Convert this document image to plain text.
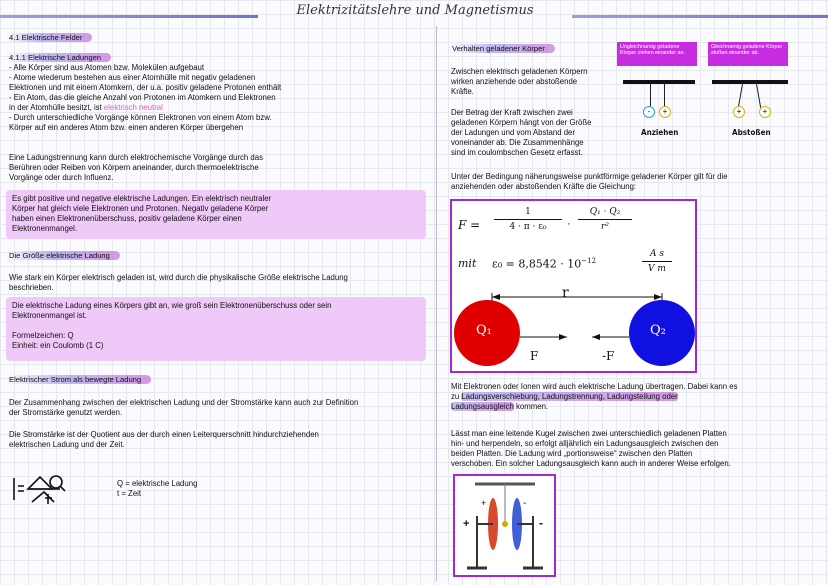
Elektrizitätslehre und Magnetismus
4.1 Elektrische Felder
4.1.1 Elektrische Ladungen
- Alle Körper sind aus Atomen bzw. Molekülen aufgebaut
- Atome wiederum bestehen aus einer Atomhülle mit negativ geladenen
Elektronen und mit einem Atomkern, der u.a. positiv geladene Protonen enthält
- Ein Atom, das die gleiche Anzahl von Protonen im Atomkern und Elektronen
in der Atomhülle besitzt, ist elektrisch neutral
- Durch unterschiedliche Vorgänge können Elektronen von einem Atom bzw.
Körper auf ein anderes Atom bzw. einen anderen Körper übergehen
Eine Ladungstrennung kann durch elektrochemische Vorgänge durch das
Berühren oder Reiben von Körpern aneinander, durch thermoelektrische
Vorgänge oder durch Influenz.
Es gibt positive und negative elektrische Ladungen. Ein elektrisch neutraler
Körper hat gleich viele Elektronen und Protonen. Negativ geladene Körper
haben einen Elektronenüberschuss, positiv geladene Körper einen
Elektronenmangel.
Die Größe elektrische Ladung
Wie stark ein Körper elektrisch geladen ist, wird durch die physikalische Größe elektrische Ladung
beschrieben.
Die elektrische Ladung eines Körpers gibt an, wie groß sein Elektronenüberschuss oder sein
Elektronenmangel ist.
Formelzeichen: Q
Einheit: ein Coulomb (1 C)
Elektrischer Strom als bewegte Ladung
Der Zusammenhang zwischen der elektrischen Ladung und der Stromstärke kann auch zur Definition
der Stromstärke genutzt werden.
Die Stromstärke ist der Quotient aus der durch einen Leiterquerschnitt hindurchziehenden
elektrischen Ladung und der Zeit.
Q = elektrische Ladung
t = Zeit
Verhalten geladener Körper
Zwischen elektrisch geladenen Körpern
wirken anziehende oder abstoßende
Kräfte.
Der Betrag der Kraft zwischen zwei
geladenen Körpern hängt von der Größe
der Ladungen und vom Abstand der
voneinander ab. Die Zusammenhänge
sind im coulombschen Gesetz erfasst.
Ungleichnamig geladene Körper ziehen einander an.
Gleichnamig geladene Körper stoßen einander ab.
-	+
Anziehen
+	+
Abstoßen
Unter der Bedingung näherungsweise punktförmige geladener Körper gilt für die
anziehenden oder abstoßenden Kräfte die Gleichung:
$F = \frac{1}{\text{4 · π · ε₀}} \cdot \frac{\text{Q₁ · Q₂}}{\text{r²}}$
mit $\varepsilon_0 = 8,8542 \cdot 10^{-12}$	$\frac{\text{A s}}{\text{V m}}$
r
Q₁	Q₂
F	-F
Mit Elektronen oder Ionen wird auch elektrische Ladung übertragen. Dabei kann es
zu Ladungsverschiebung, Ladungstrennung, Ladungsteilung oder
Ladungsausgleich kommen.
Lässt man eine leitende Kugel zwischen zwei unterschiedlich geladenen Platten
hin- und herpendeln, so erfolgt alljährlich ein Ladungsausgleich zwischen den
beiden Platten. Die Ladung wird „portionsweise“ zwischen den Platten
verschoben. Ein solcher Ladungsausgleich kann auch in anderer Weise erfolgen.
+	-
+	-
